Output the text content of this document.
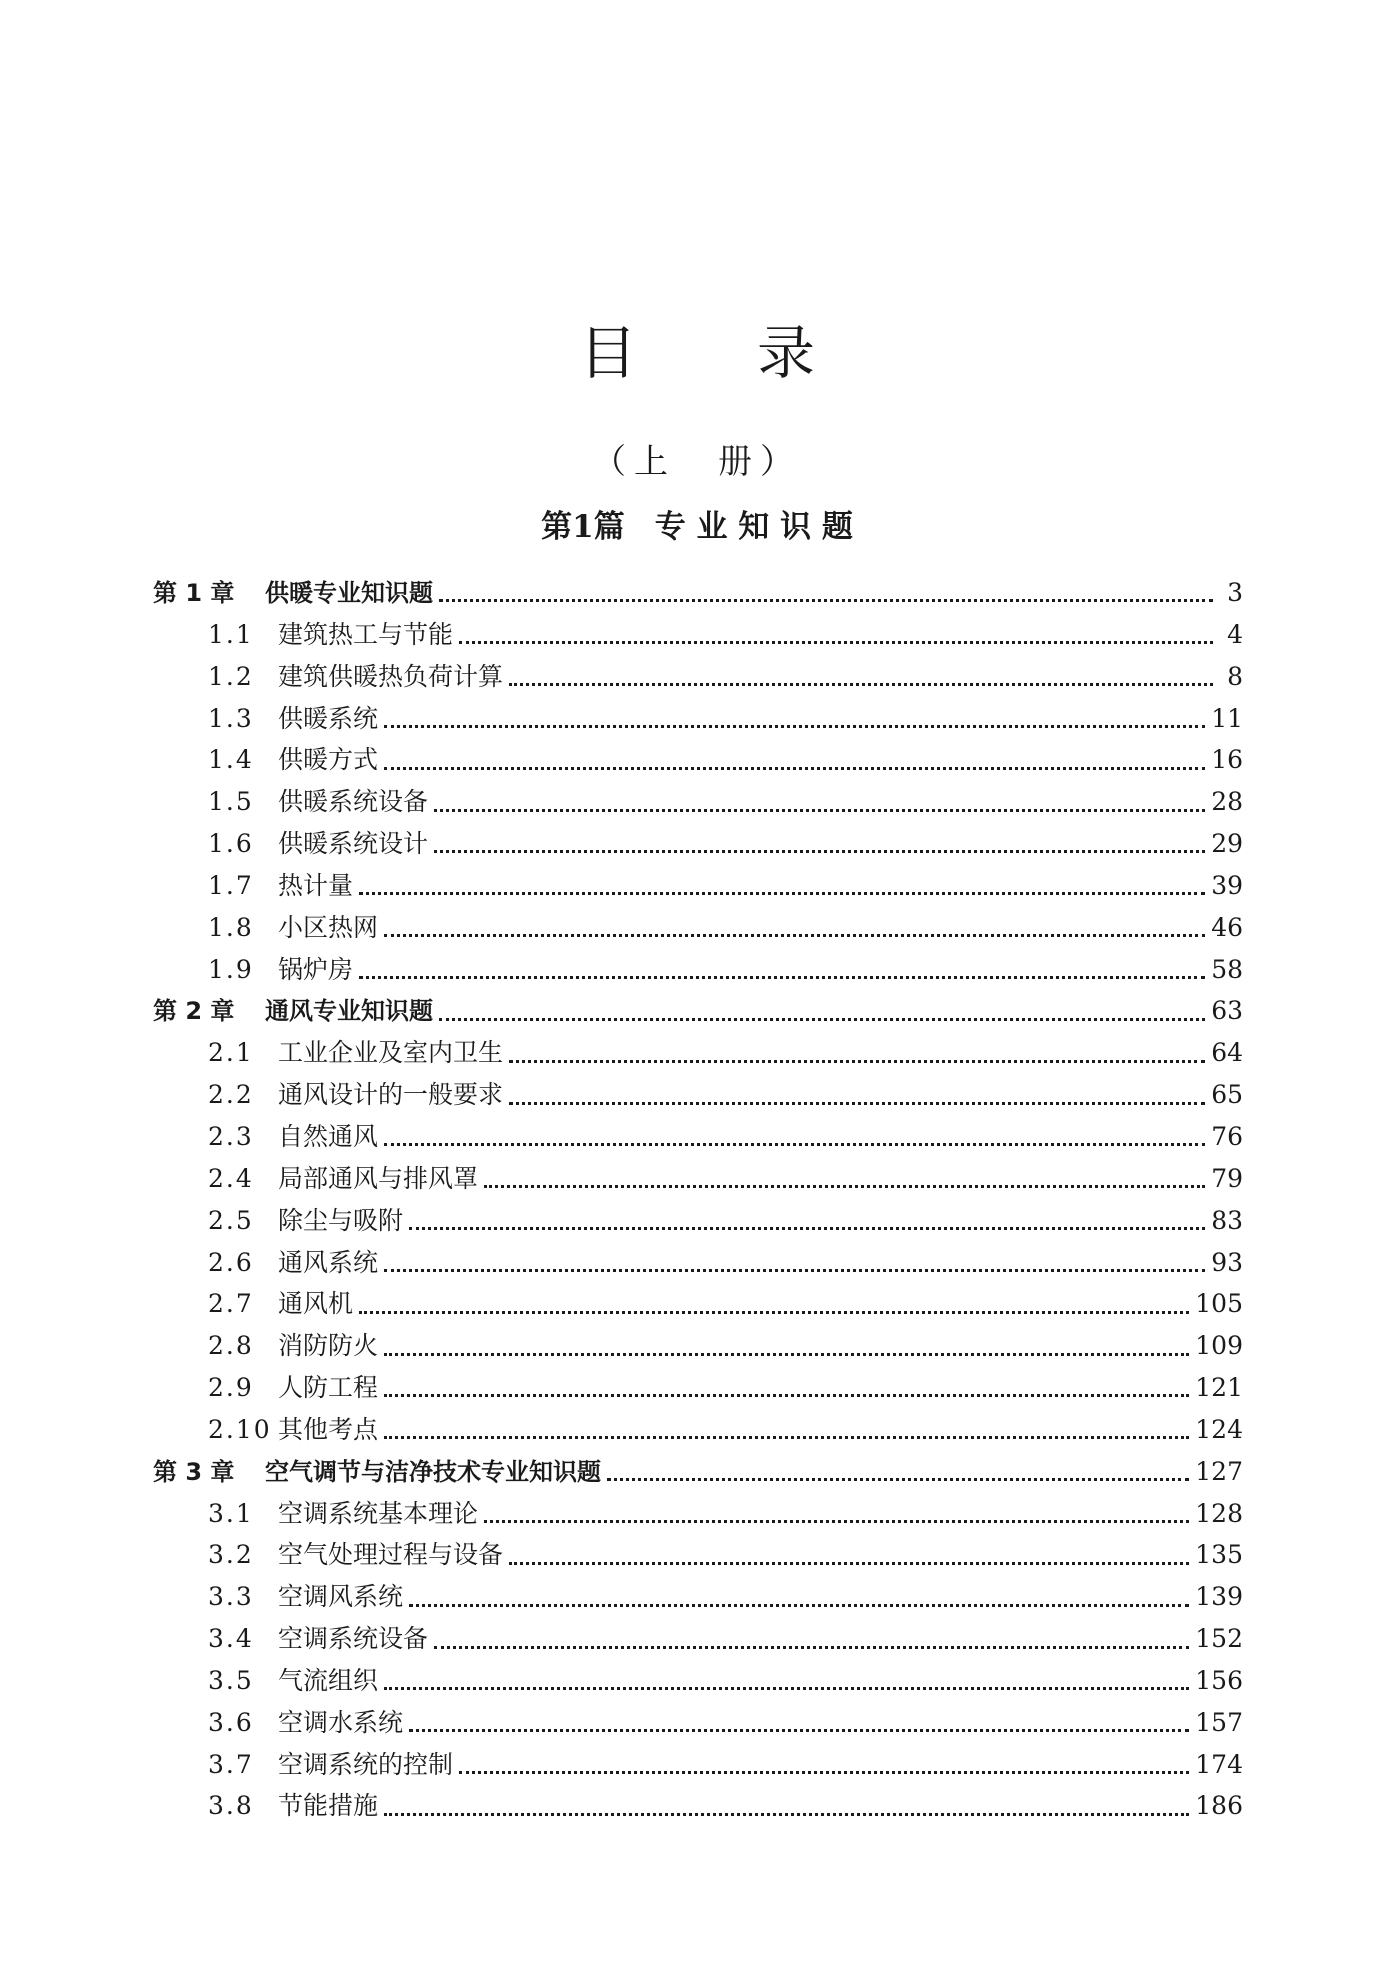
目录
（上　册）
第1篇 专 业 知 识 题
第 1 章	供暖专业知识题	3
1.1 建筑热工与节能	4
1.2 建筑供暖热负荷计算	8
1.3 供暖系统	11
1.4 供暖方式	16
1.5 供暖系统设备	28
1.6 供暖系统设计	29
1.7 热计量	39
1.8 小区热网	46
1.9 锅炉房	58
第 2 章	通风专业知识题	63
2.1 工业企业及室内卫生	64
2.2 通风设计的一般要求	65
2.3 自然通风	76
2.4 局部通风与排风罩	79
2.5 除尘与吸附	83
2.6 通风系统	93
2.7 通风机	105
2.8 消防防火	109
2.9 人防工程	121
2.10 其他考点	124
第 3 章	空气调节与洁净技术专业知识题	127
3.1 空调系统基本理论	128
3.2 空气处理过程与设备	135
3.3 空调风系统	139
3.4 空调系统设备	152
3.5 气流组织	156
3.6 空调水系统	157
3.7 空调系统的控制	174
3.8 节能措施	186
